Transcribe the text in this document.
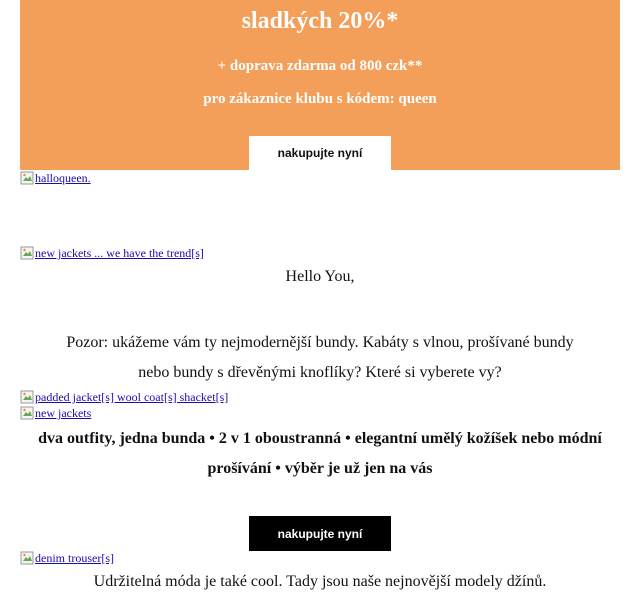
sladkých 20%*
+ doprava zdarma od 800 czk**
pro zákaznice klubu s kódem: queen
nakupujte nyní
halloqueen.
new jackets ... we have the trend[s]
Hello You,
Pozor: ukážeme vám ty nejmodernější bundy. Kabáty s vlnou, prošívané bundy nebo bundy s dřevěnými knoflíky? Které si vyberete vy?
padded jacket[s] wool coat[s] shacket[s]
new jackets
dva outfity, jedna bunda • 2 v 1 oboustranná • elegantní umělý kožíšek nebo módní prošívání • výběr je už jen na vás
nakupujte nyní
denim trouser[s]
Udržitelná móda je také cool. Tady jsou naše nejnovější modely džínů.
